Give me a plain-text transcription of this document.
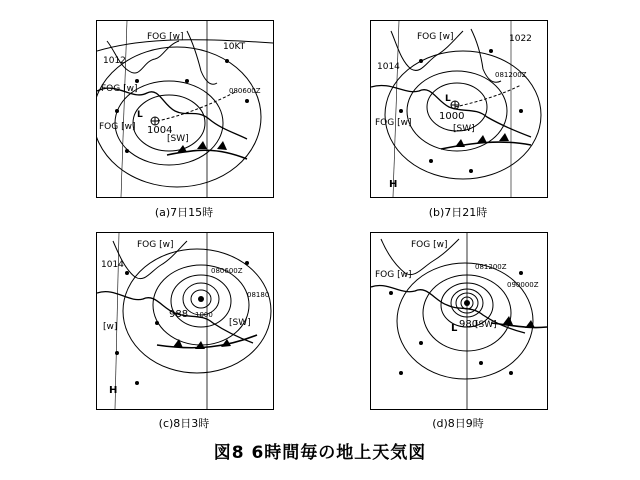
FOG [w]
FOG [w]
FOG [w]
10KT
1012
080600Z
[SW]
L
1004
(a)7日15時
FOG [w]
FOG [w]
1014
1022
081200Z
[SW]
L
H
1000
(b)7日21時
FOG [w]
1014
[w]
080600Z
08180
[SW]
1000
H
988
(c)8日3時
FOG [w]
FOG [w]
081200Z
090000Z
[SW]
L 980
(d)8日9時
図8 6時間毎の地上天気図
